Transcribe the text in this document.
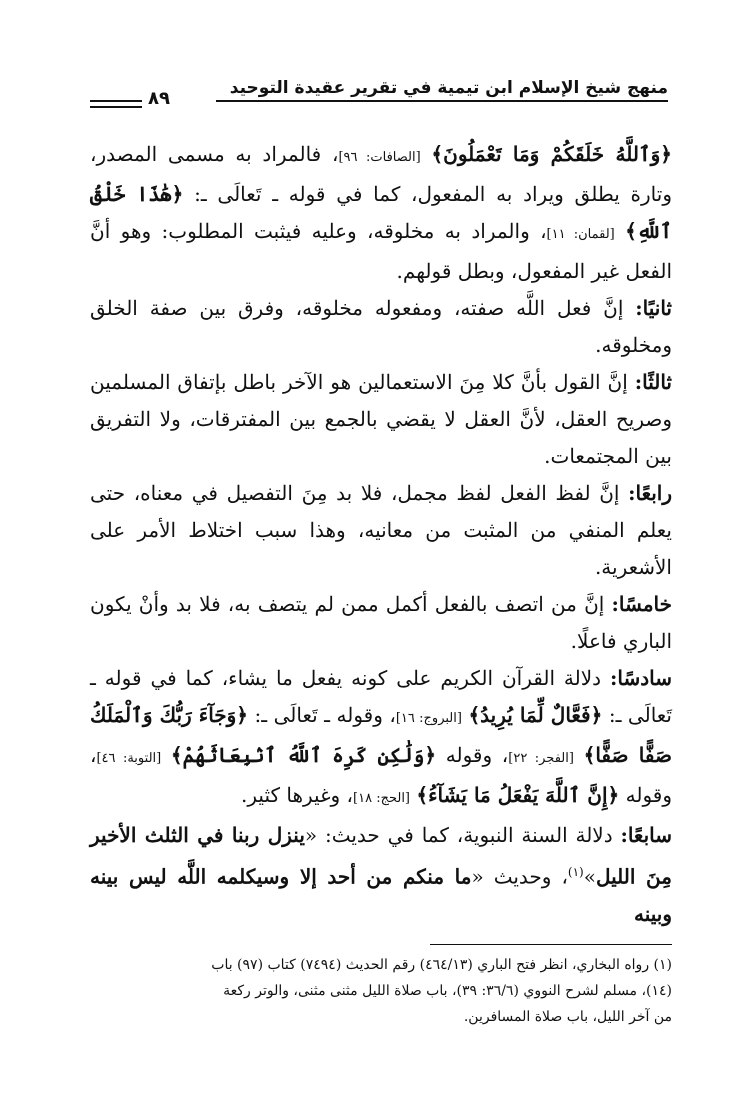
منهج شيخ الإسلام ابن تيمية في تقرير عقيدة التوحيد
٨٩

﴿وَٱللَّهُ خَلَقَكُمْ وَمَا تَعْمَلُونَ﴾ [الصافات: ٩٦]، فالمراد به مسمى المصدر، وتارة يطلق ويراد به المفعول، كما في قوله ـ تَعالَى ـ: ﴿هَٰذَا خَلْقُ ٱللَّهِ﴾ [لقمان: ١١]، والمراد به مخلوقه، وعليه فيثبت المطلوب: وهو أنَّ الفعل غير المفعول، وبطل قولهم.

ثانيًا: إنَّ فعل اللَّه صفته، ومفعوله مخلوقه، وفرق بين صفة الخلق ومخلوقه.

ثالثًا: إنَّ القول بأنَّ كلا مِنَ الاستعمالين هو الآخر باطل بإتفاق المسلمين وصريح العقل، لأنَّ العقل لا يقضي بالجمع بين المفترقات، ولا التفريق بين المجتمعات.

رابعًا: إنَّ لفظ الفعل لفظ مجمل، فلا بد مِنَ التفصيل في معناه، حتى يعلم المنفي من المثبت من معانيه، وهذا سبب اختلاط الأمر على الأشعرية.

خامسًا: إنَّ من اتصف بالفعل أكمل ممن لم يتصف به، فلا بد وأنْ يكون الباري فاعلًا.

سادسًا: دلالة القرآن الكريم على كونه يفعل ما يشاء، كما في قوله ـ تَعالَى ـ: ﴿فَعَّالٌ لِّمَا يُرِيدُ﴾ [البروج: ١٦]، وقوله ـ تَعالَى ـ: ﴿وَجَآءَ رَبُّكَ وَٱلْمَلَكُ صَفًّا صَفًّا﴾ [الفجر: ٢٢]، وقوله ﴿وَلَٰكِن كَرِهَ ٱللَّهُ ٱنۢبِعَاثَهُمْ﴾ [التوبة: ٤٦]، وقوله ﴿إِنَّ ٱللَّهَ يَفْعَلُ مَا يَشَآءُ﴾ [الحج: ١٨]، وغيرها كثير.

سابعًا: دلالة السنة النبوية، كما في حديث: «ينزل ربنا في الثلث الأخير مِنَ الليل»$^{(١)}$، وحديث «ما منكم من أحد إلا وسيكلمه اللَّه ليس بينه وبينه

(١) رواه البخاري، انظر فتح الباري (٤٦٤/١٣) رقم الحديث (٧٤٩٤) كتاب (٩٧) باب

(١٤)، مسلم لشرح النووي (٣٦/٦: ٣٩)، باب صلاة الليل مثنى مثنى، والوتر ركعة

من آخر الليل، باب صلاة المسافرين.
